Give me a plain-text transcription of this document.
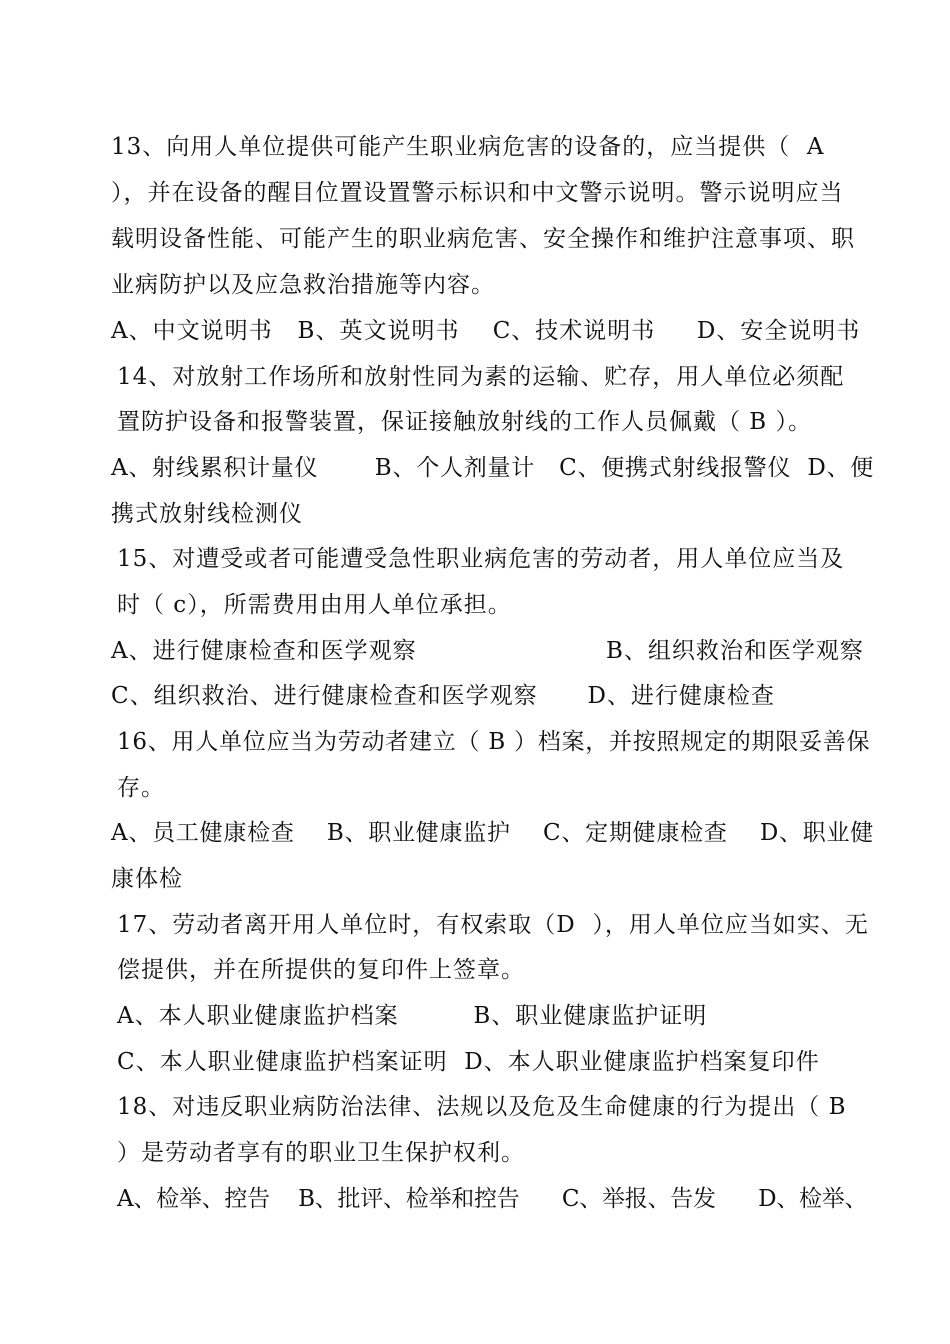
13、向用人单位提供可能产生职业病危害的设备的，应当提供（  A
），并在设备的醒目位置设置警示标识和中文警示说明。警示说明应当
载明设备性能、可能产生的职业病危害、安全操作和维护注意事项、职
业病防护以及应急救治措施等内容。
A、中文说明书   B、英文说明书    C、技术说明书     D、安全说明书
14、对放射工作场所和放射性同为素的运输、贮存，用人单位必须配
置防护设备和报警装置，保证接触放射线的工作人员佩戴（ B ）。
A、射线累积计量仪       B、个人剂量计   C、便携式射线报警仪  D、便
携式放射线检测仪
15、对遭受或者可能遭受急性职业病危害的劳动者，用人单位应当及
时（ c），所需费用由用人单位承担。
A、进行健康检查和医学观察	B、组织救治和医学观察
C、组织救治、进行健康检查和医学观察      D、进行健康检查
16、用人单位应当为劳动者建立（ B ）档案，并按照规定的期限妥善保
存。
A、员工健康检查    B、职业健康监护    C、定期健康检查    D、职业健
康体检
17、劳动者离开用人单位时，有权索取（D  ），用人单位应当如实、无
偿提供，并在所提供的复印件上签章。
A、本人职业健康监护档案         B、职业健康监护证明
C、本人职业健康监护档案证明  D、本人职业健康监护档案复印件
18、对违反职业病防治法律、法规以及危及生命健康的行为提出（ B
）是劳动者享有的职业卫生保护权利。
A、检举、控告    B、批评、检举和控告      C、举报、告发      D、检举、
